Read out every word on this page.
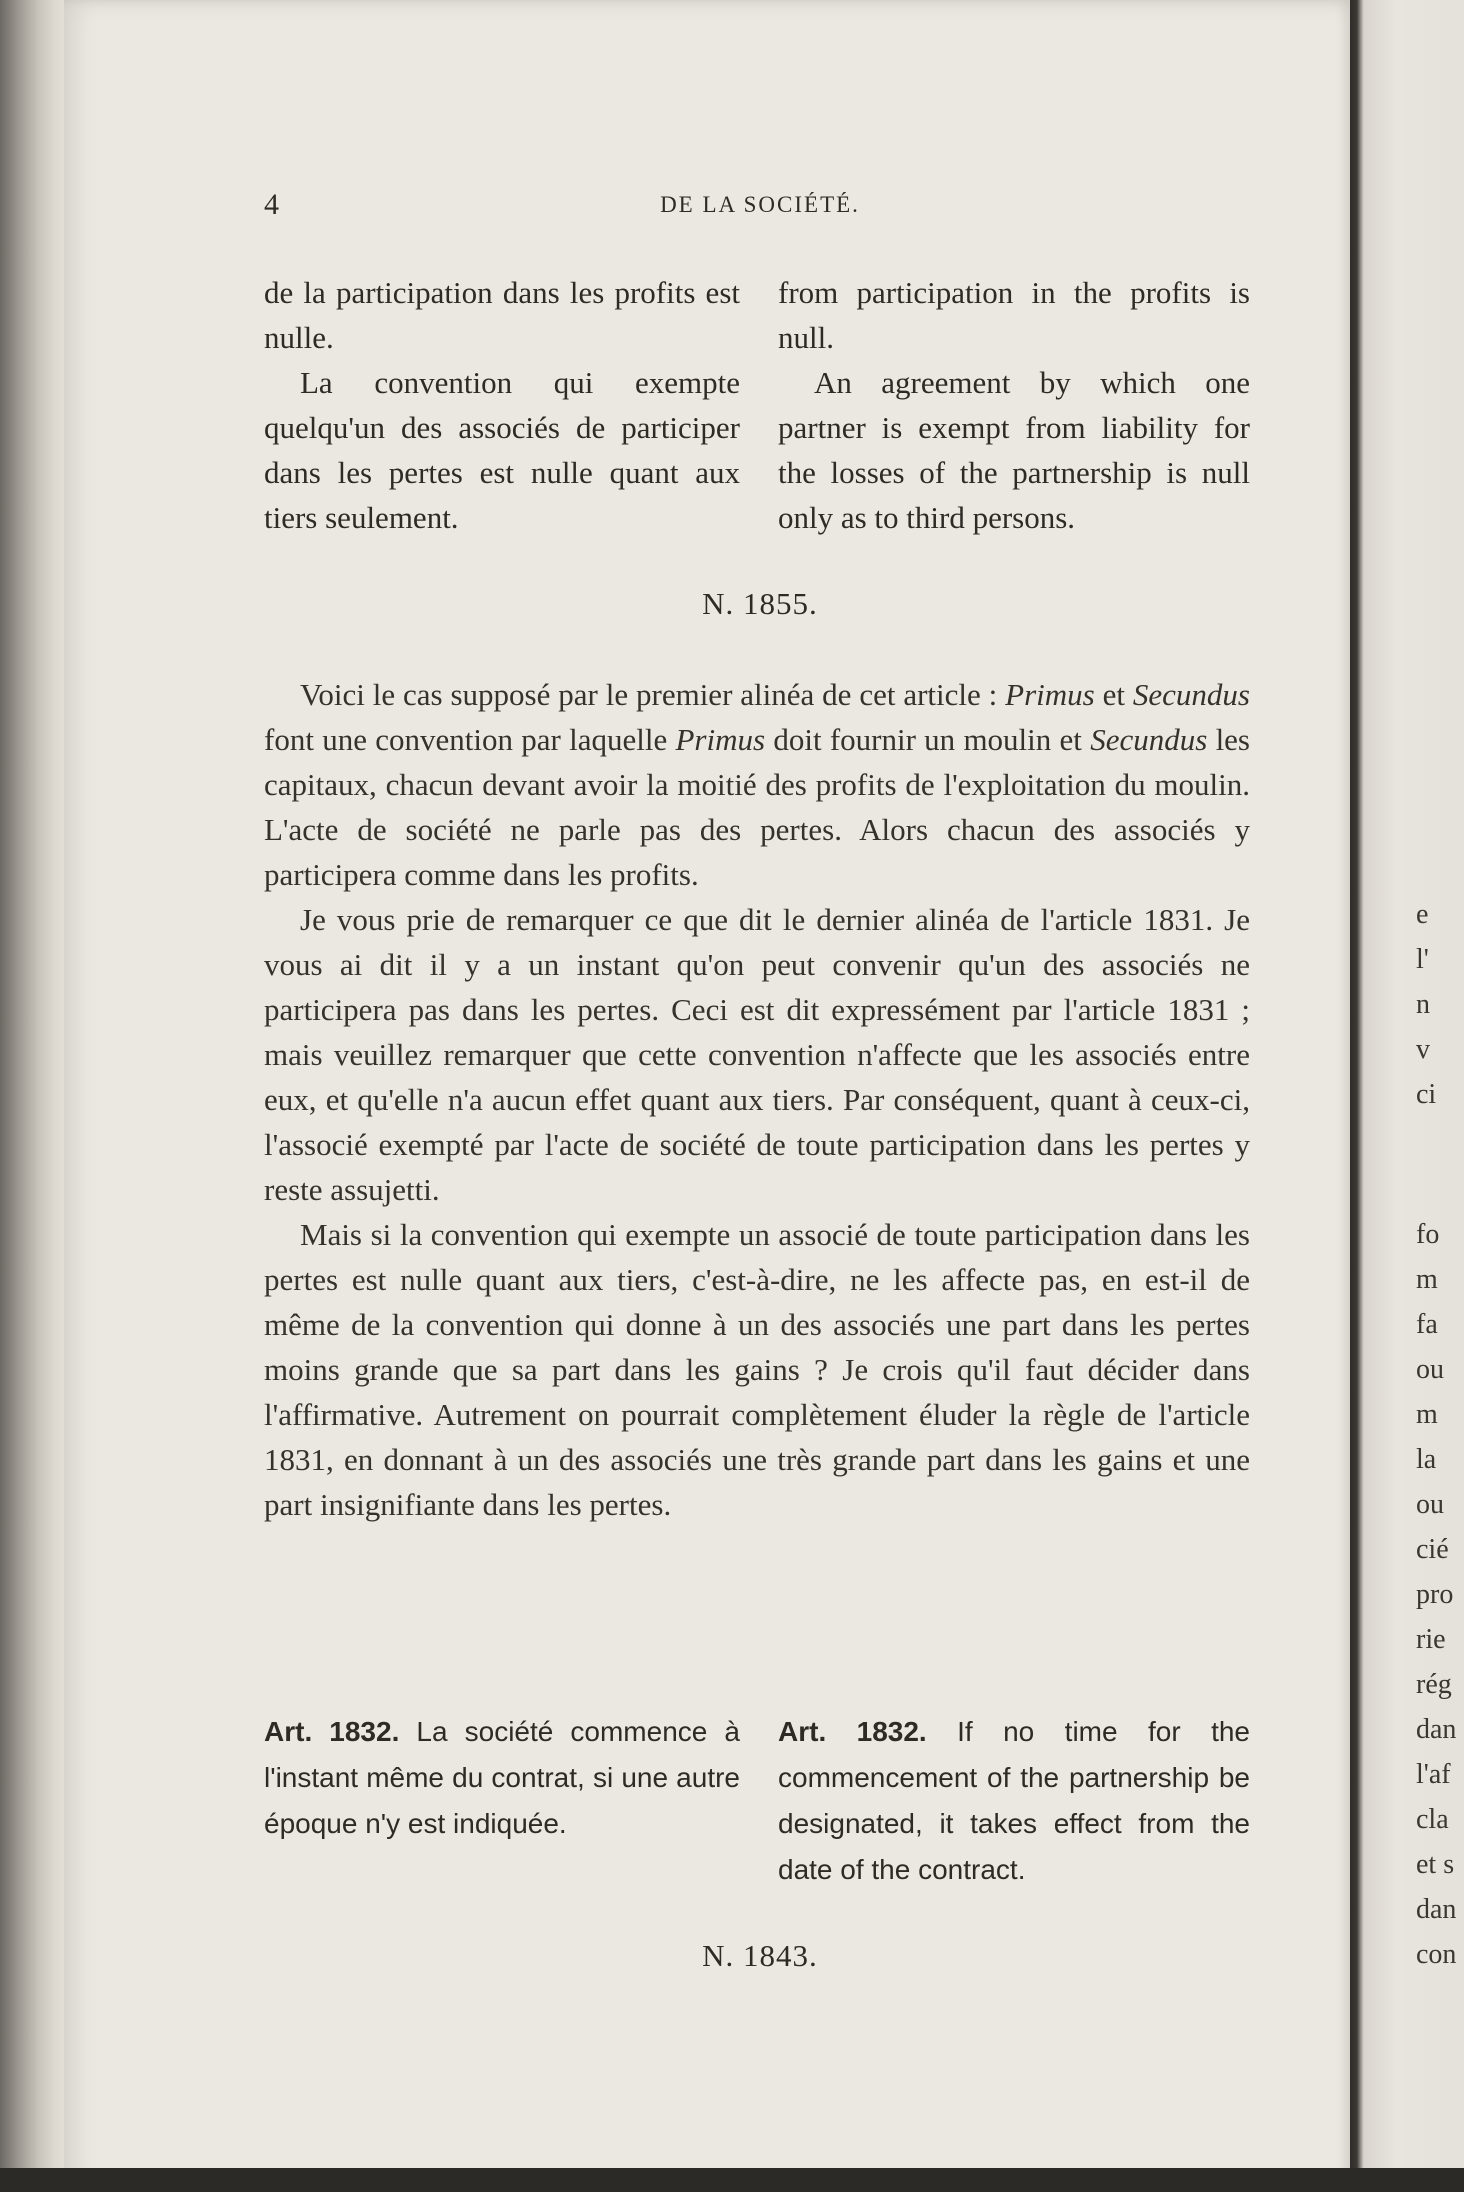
4	DE LA SOCIÉTÉ.

de la participation dans les profits est nulle.

La convention qui exempte quelqu'un des associés de participer dans les pertes est nulle quant aux tiers seulement.

from participation in the profits is null.

An agreement by which one partner is exempt from liability for the losses of the partnership is null only as to third persons.

N. 1855.

Voici le cas supposé par le premier alinéa de cet article : Primus et Secundus font une convention par laquelle Primus doit fournir un moulin et Secundus les capitaux, chacun devant avoir la moitié des profits de l'exploitation du moulin. L'acte de société ne parle pas des pertes. Alors chacun des associés y participera comme dans les profits.

Je vous prie de remarquer ce que dit le dernier alinéa de l'article 1831. Je vous ai dit il y a un instant qu'on peut convenir qu'un des associés ne participera pas dans les pertes. Ceci est dit expressément par l'article 1831 ; mais veuillez remarquer que cette convention n'affecte que les associés entre eux, et qu'elle n'a aucun effet quant aux tiers. Par conséquent, quant à ceux-ci, l'associé exempté par l'acte de société de toute participation dans les pertes y reste assujetti.

Mais si la convention qui exempte un associé de toute participation dans les pertes est nulle quant aux tiers, c'est-à-dire, ne les affecte pas, en est-il de même de la convention qui donne à un des associés une part dans les pertes moins grande que sa part dans les gains ? Je crois qu'il faut décider dans l'affirmative. Autrement on pourrait complètement éluder la règle de l'article 1831, en donnant à un des associés une très grande part dans les gains et une part insignifiante dans les pertes.

Art. 1832. La société commence à l'instant même du contrat, si une autre époque n'y est indiquée.

Art. 1832. If no time for the commencement of the partnership be designated, it takes effect from the date of the contract.

N. 1843.
e
l'
n
v
ci
fo
m
fa
ou
m
la
ou
cié
pro
rie
rég
dan
l'af
cla
et s
dan
con
